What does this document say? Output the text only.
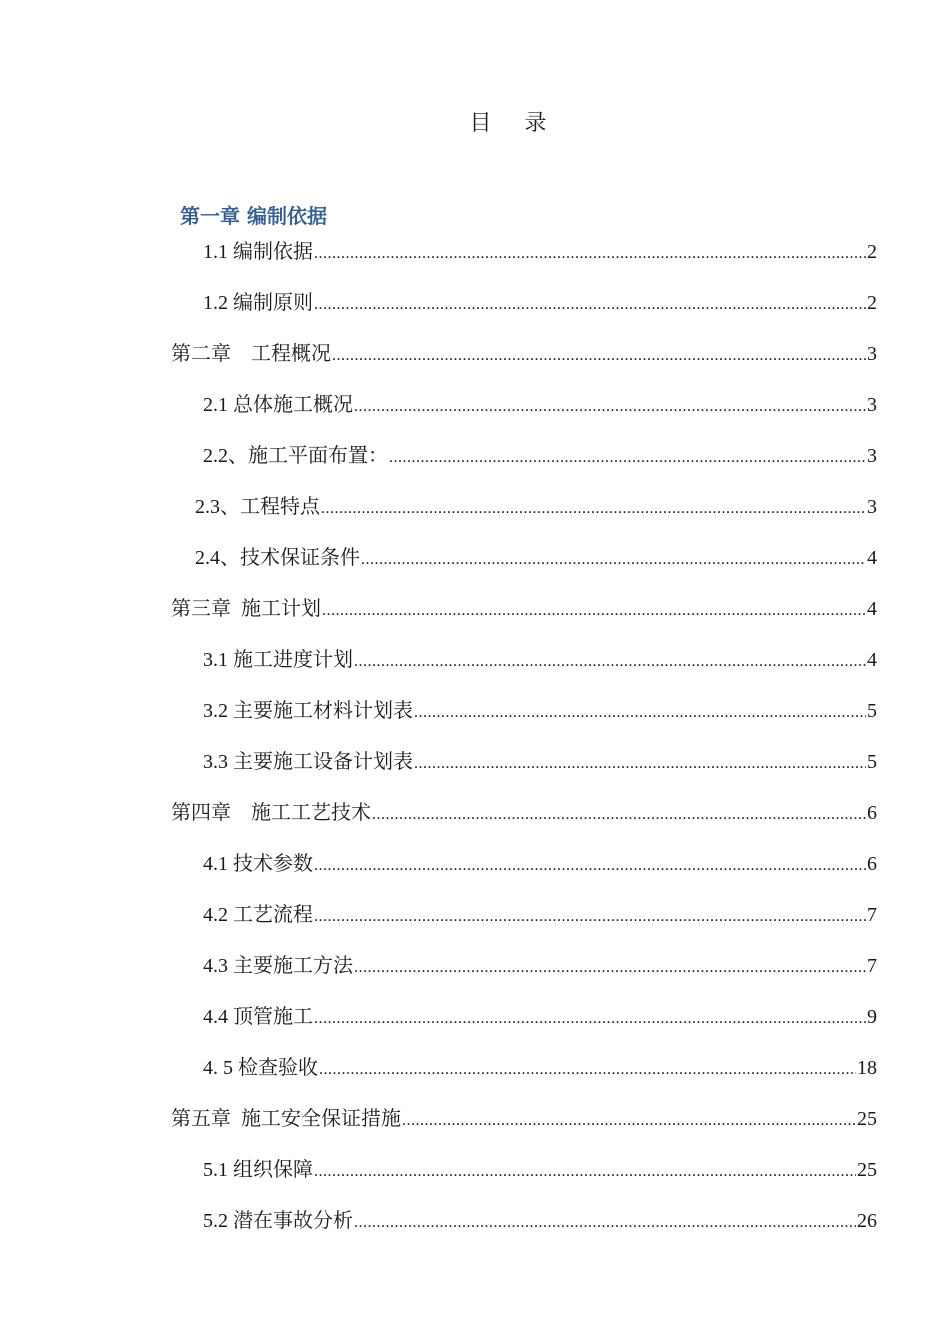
目      录
第一章 编制依据
1.1 编制依据 .....	2
1.2 编制原则 .....	2
第二章    工程概况 .....	3
2.1 总体施工概况 .....	3
2.2、施工平面布置： .....	3
2.3、工程特点 .....	3
2.4、技术保证条件 .....	4
第三章  施工计划 .....	4
3.1 施工进度计划 .....	4
3.2 主要施工材料计划表 .....	5
3.3 主要施工设备计划表 .....	5
第四章    施工工艺技术 .....	6
4.1 技术参数 .....	6
4.2 工艺流程 .....	7
4.3 主要施工方法 .....	7
4.4 顶管施工 .....	9
4. 5 检查验收 .....	18
第五章  施工安全保证措施 .....	25
5.1 组织保障 .....	25
5.2 潜在事故分析 .....	26
